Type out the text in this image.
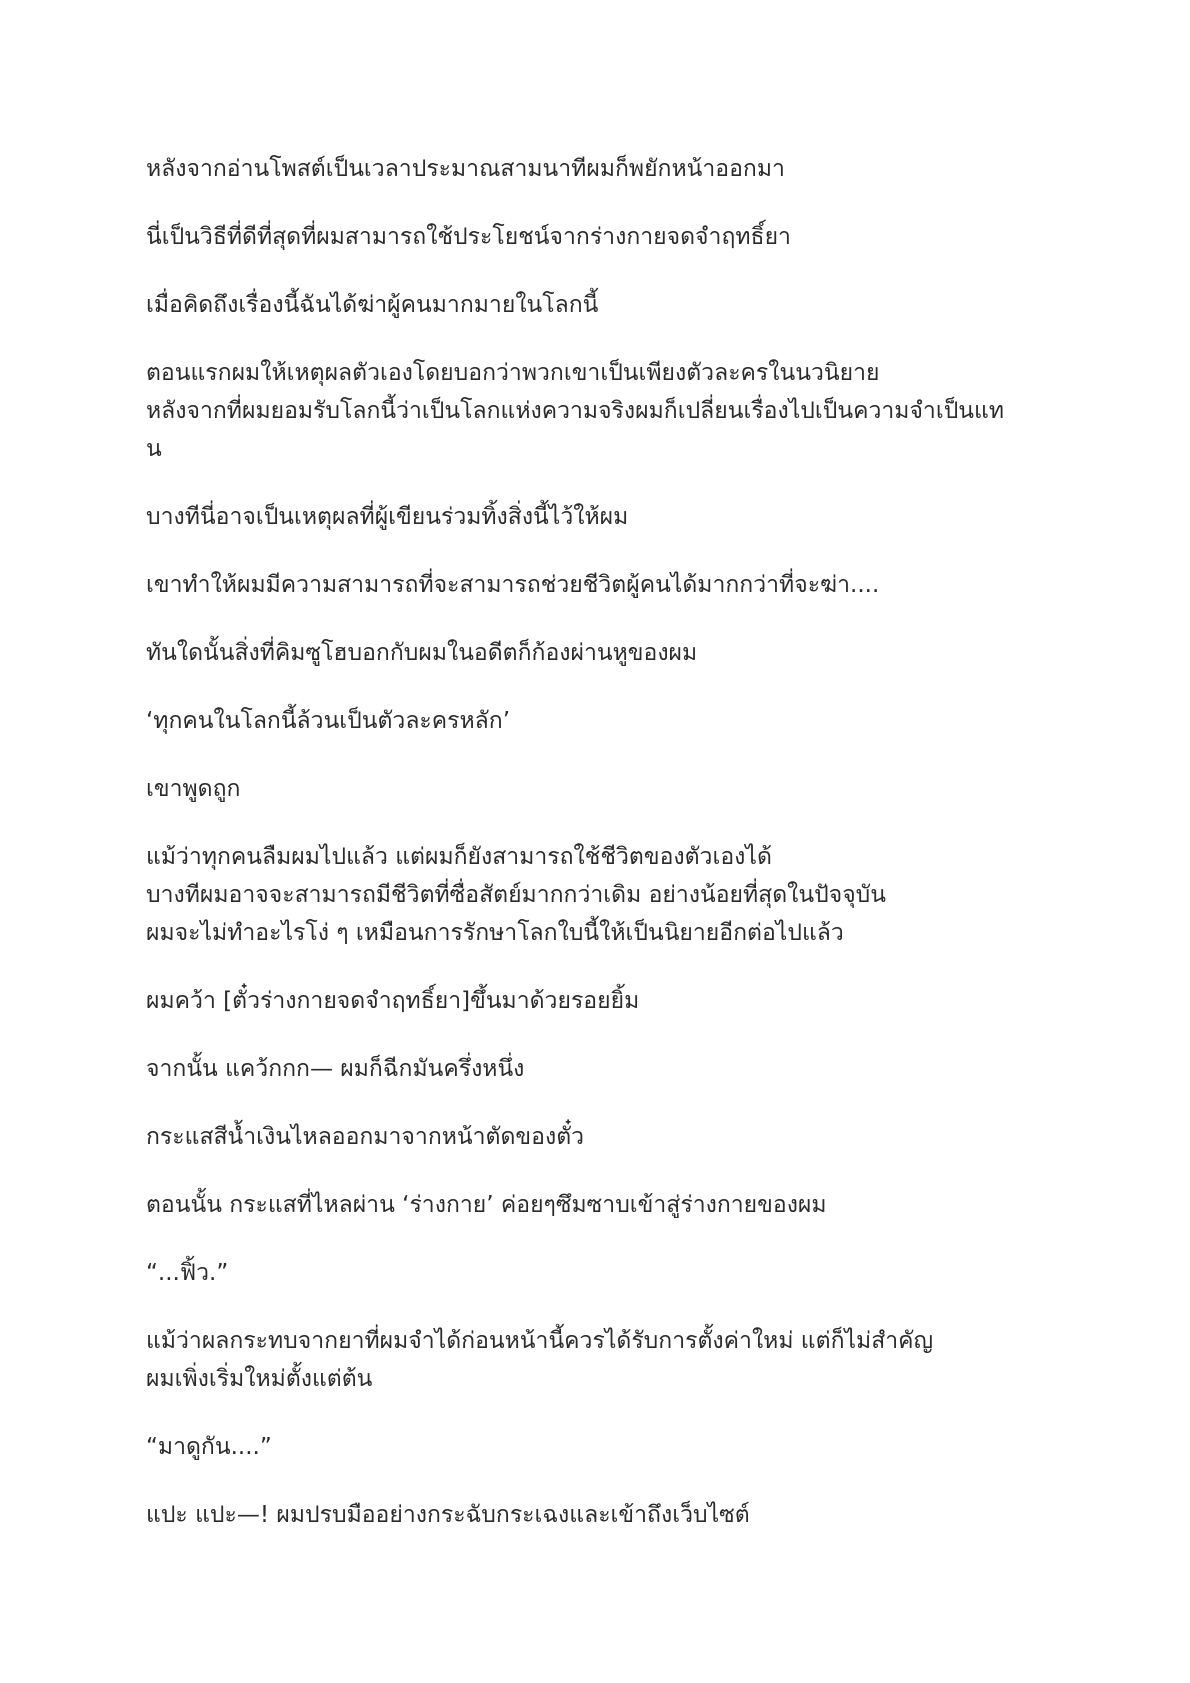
หลังจากอ่านโพสต์เป็นเวลาประมาณสามนาทีผมก็พยักหน้าออกมา
นี่เป็นวิธีที่ดีที่สุดที่ผมสามารถใช้ประโยชน์จากร่างกายจดจำฤทธิ์ยา
เมื่อคิดถึงเรื่องนี้ฉันได้ฆ่าผู้คนมากมายในโลกนี้
ตอนแรกผมให้เหตุผลตัวเองโดยบอกว่าพวกเขาเป็นเพียงตัวละครในนวนิยาย
หลังจากที่ผมยอมรับโลกนี้ว่าเป็นโลกแห่งความจริงผมก็เปลี่ยนเรื่องไปเป็นความจำเป็นแท
น
บางทีนี่อาจเป็นเหตุผลที่ผู้เขียนร่วมทิ้งสิ่งนี้ไว้ให้ผม
เขาทำให้ผมมีความสามารถที่จะสามารถช่วยชีวิตผู้คนได้มากกว่าที่จะฆ่า....
ทันใดนั้นสิ่งที่คิมซูโฮบอกกับผมในอดีตก็ก้องผ่านหูของผม
‘ทุกคนในโลกนี้ล้วนเป็นตัวละครหลัก’
เขาพูดถูก
แม้ว่าทุกคนลืมผมไปแล้ว แต่ผมก็ยังสามารถใช้ชีวิตของตัวเองได้
บางทีผมอาจจะสามารถมีชีวิตที่ซื่อสัตย์มากกว่าเดิม อย่างน้อยที่สุดในปัจจุบัน
ผมจะไม่ทำอะไรโง่ ๆ เหมือนการรักษาโลกใบนี้ให้เป็นนิยายอีกต่อไปแล้ว
ผมคว้า [ตั๋วร่างกายจดจำฤทธิ์ยา]ขึ้นมาด้วยรอยยิ้ม
จากนั้น แคว้กกก— ผมก็ฉีกมันครึ่งหนึ่ง
กระแสสีน้ำเงินไหลออกมาจากหน้าตัดของตั๋ว
ตอนนั้น กระแสที่ไหลผ่าน ‘ร่างกาย’ ค่อยๆซึมซาบเข้าสู่ร่างกายของผม
“...ฟิ้ว.”
แม้ว่าผลกระทบจากยาที่ผมจำได้ก่อนหน้านี้ควรได้รับการตั้งค่าใหม่ แต่ก็ไม่สำคัญ
ผมเพิ่งเริ่มใหม่ตั้งแต่ต้น
“มาดูกัน....”
แปะ แปะ—! ผมปรบมืออย่างกระฉับกระเฉงและเข้าถึงเว็บไซต์
